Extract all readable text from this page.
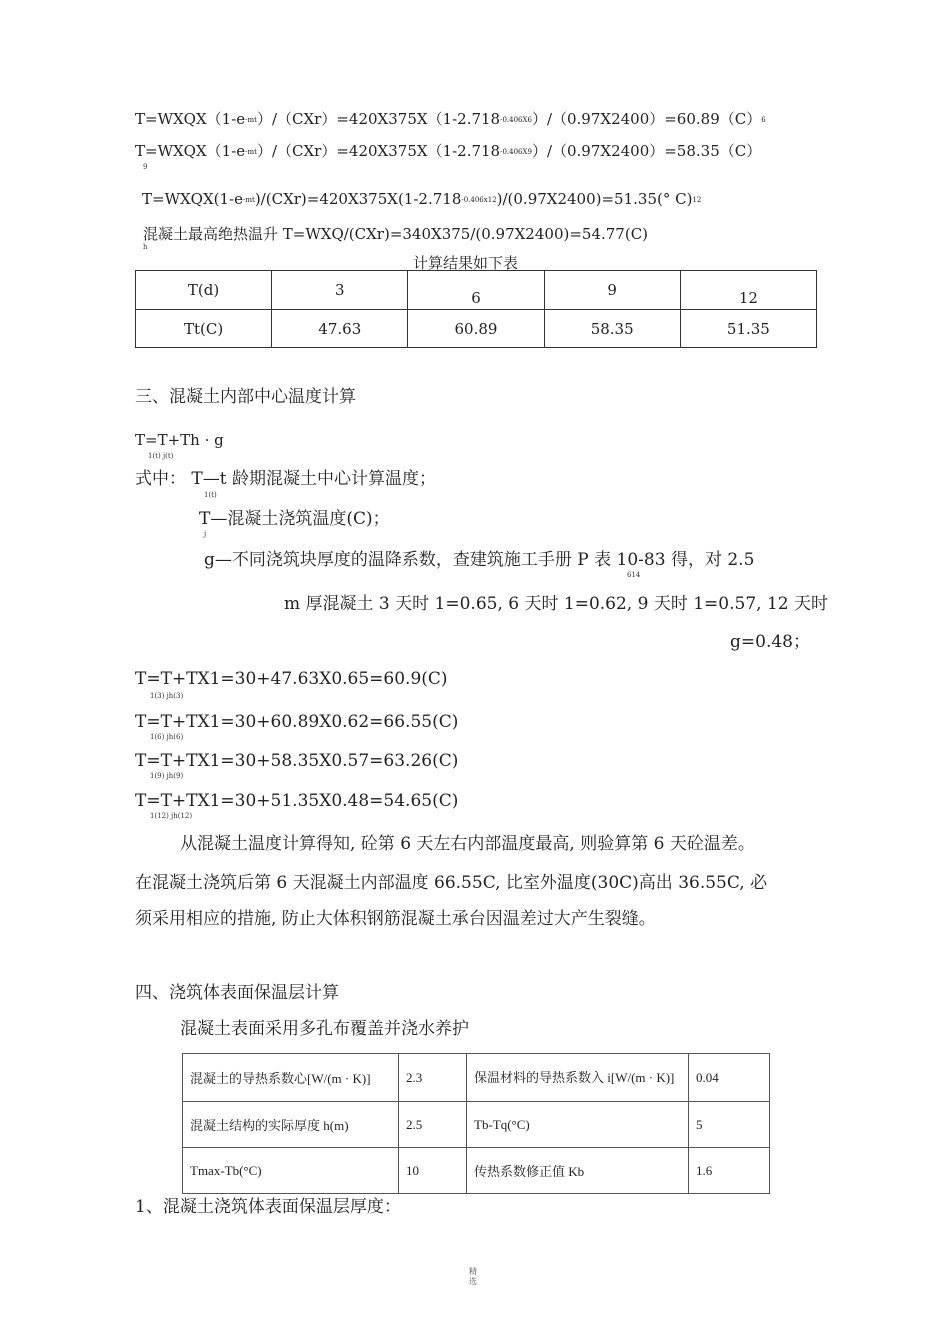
$T=WXQX(1-e^{-mt})/(CXr)=420X375X(1-2.718^{-0.406X6})/(0.97X2400)=60.89(C)^6$
$T=WXQX(1-e^{-mt})/(CXr)=420X375X(1-2.718^{-0.406X9})/(0.97X2400)=58.35(C)$
9
$T=WXQX(1-e^{-mt})/(CXr)=420X375X(1-2.718^{-0.406x12})/(0.97X2400)=51.35(^\circ$ C)$^{12}$
混凝土最高绝热温升 T=WXQ/(CXr)=340X375/(0.97X2400)=54.77(C)
h
计算结果如下表
T(d)	3	6	9	12
Tt(C)	47.63	60.89	58.35	51.35
三、混凝土内部中心温度计算
T=T+Th · g
1(t) j(t)
式中： T—t 龄期混凝土中心计算温度；
1(t)
T—混凝土浇筑温度(C)；
j
g—不同浇筑块厚度的温降系数，查建筑施工手册 P 表 10-83 得，对 2.5
614
m 厚混凝土 3 天时 1=0.65, 6 天时 1=0.62, 9 天时 1=0.57, 12 天时
g=0.48；
T=T+TX1=30+47.63X0.65=60.9(C)
1(3) jh(3)
T=T+TX1=30+60.89X0.62=66.55(C)
1(6) jh(6)
T=T+TX1=30+58.35X0.57=63.26(C)
1(9) jh(9)
T=T+TX1=30+51.35X0.48=54.65(C)
1(12) jh(12)
从混凝土温度计算得知, 砼第 6 天左右内部温度最高, 则验算第 6 天砼温差。
在混凝土浇筑后第 6 天混凝土内部温度 66.55C, 比室外温度(30C)高出 36.55C, 必
须采用相应的措施, 防止大体积钢筋混凝土承台因温差过大产生裂缝。
四、浇筑体表面保温层计算
混凝土表面采用多孔布覆盖并浇水养护
混凝土的导热系数心[W/(m · K)]	2.3	保温材料的导热系数入 i[W/(m · K)]	0.04
混凝土结构的实际厚度 h(m)	2.5	Tb-Tq(°C)	5
Tmax-Tb(°C)	10	传热系数修正值 Kb	1.6
1、混凝土浇筑体表面保温层厚度：
精选
